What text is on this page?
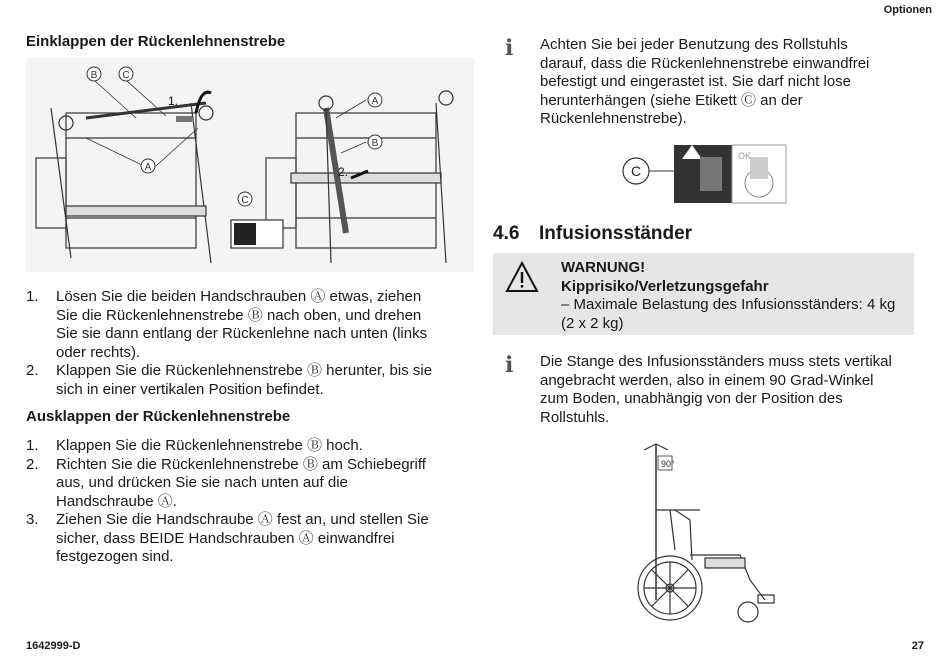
Optionen
1642999-D	27
Einklappen der Rückenlehnenstrebe
B	C
A
A
B
C
1.
2.
1. Lösen Sie die beiden Handschrauben Ⓐ etwas, ziehen Sie die Rückenlehnenstrebe Ⓑ nach oben, und drehen Sie sie dann entlang der Rückenlehne nach unten (links oder rechts).
2. Klappen Sie die Rückenlehnenstrebe Ⓑ herunter, bis sie sich in einer vertikalen Position befindet.
Ausklappen der Rückenlehnenstrebe
1. Klappen Sie die Rückenlehnenstrebe Ⓑ hoch.
2. Richten Sie die Rückenlehnenstrebe Ⓑ am Schiebegriff aus, und drücken Sie sie nach unten auf die Handschraube Ⓐ.
3. Ziehen Sie die Handschraube Ⓐ fest an, und stellen Sie sicher, dass BEIDE Handschrauben Ⓐ einwandfrei festgezogen sind.
ℹ Achten Sie bei jeder Benutzung des Rollstuhls darauf, dass die Rückenlehnenstrebe einwandfrei befestigt und eingerastet ist. Sie darf nicht lose herunterhängen (siehe Etikett Ⓒ an der Rückenlehnenstrebe).
C
OK
4.6 Infusionsständer
WARNUNG!
Kipprisiko/Verletzungsgefahr
– Maximale Belastung des Infusionsständers: 4 kg (2 x 2 kg)
ℹ Die Stange des Infusionsständers muss stets vertikal angebracht werden, also in einem 90 Grad-Winkel zum Boden, unabhängig von der Position des Rollstuhls.
90°
